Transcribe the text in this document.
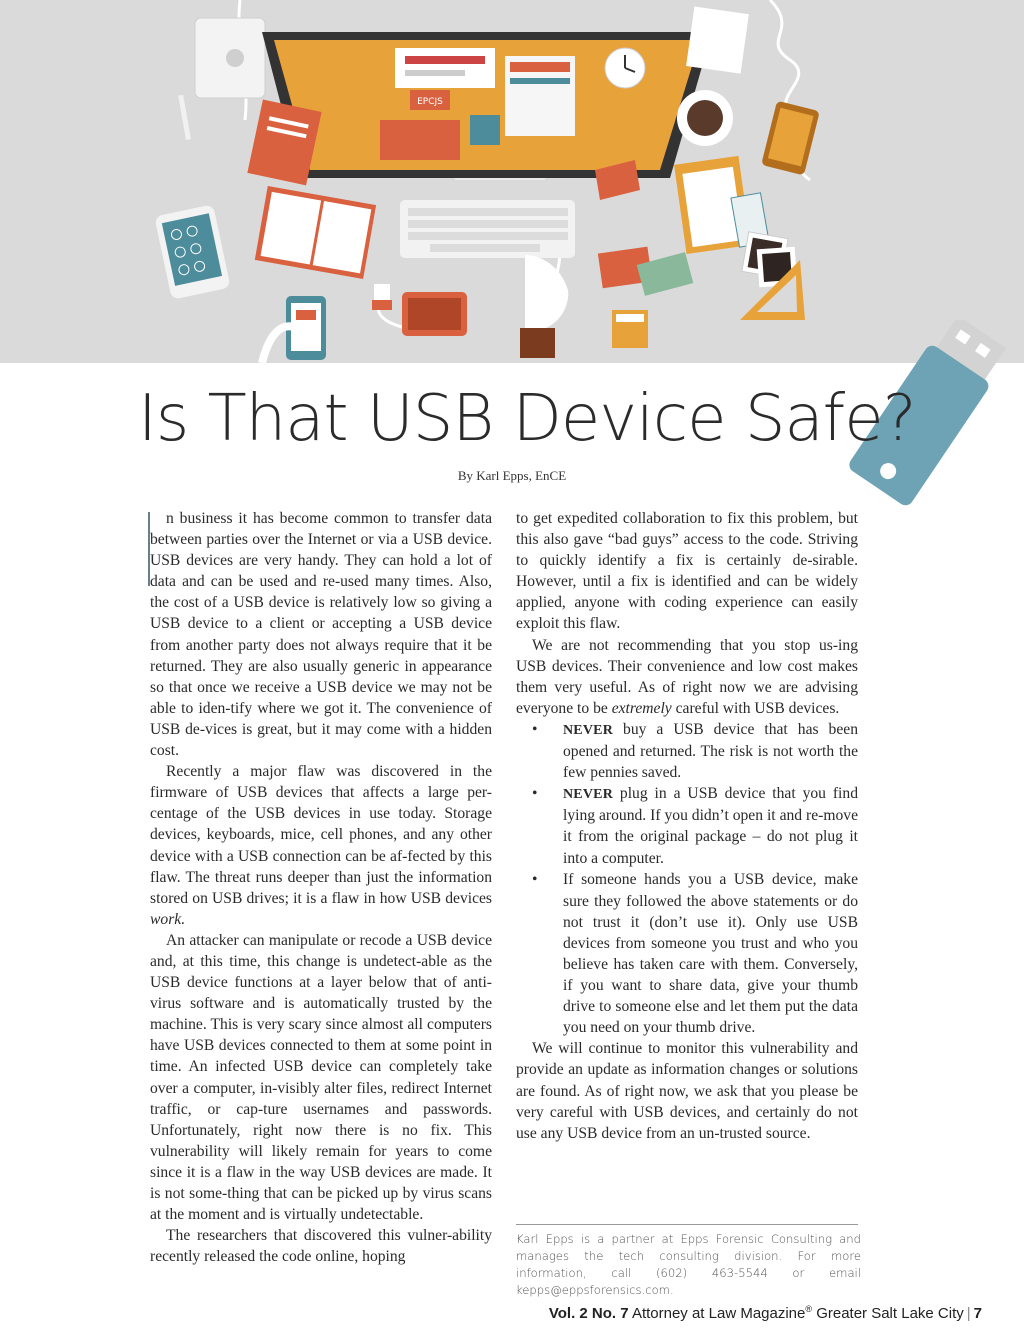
EPCJS
Is That USB Device Safe?
By Karl Epps, EnCE

n business it has become common to transfer data between parties over the Internet or via a USB device. USB devices are very handy. They can hold a lot of data and can be used and re-used many times. Also, the cost of a USB device is relatively low so giving a USB device to a client or accepting a USB device from another party does not always require that it be returned. They are also usually generic in appearance so that once we receive a USB device we may not be able to iden-tify where we got it. The convenience of USB de-vices is great, but it may come with a hidden cost.

Recently a major flaw was discovered in the firmware of USB devices that affects a large per-centage of the USB devices in use today. Storage devices, keyboards, mice, cell phones, and any other device with a USB connection can be af-fected by this flaw. The threat runs deeper than just the information stored on USB drives; it is a flaw in how USB devices work.

An attacker can manipulate or recode a USB device and, at this time, this change is undetect-able as the USB device functions at a layer below that of anti-virus software and is automatically trusted by the machine. This is very scary since almost all computers have USB devices connected to them at some point in time. An infected USB device can completely take over a computer, in-visibly alter files, redirect Internet traffic, or cap-ture usernames and passwords. Unfortunately, right now there is no fix. This vulnerability will likely remain for years to come since it is a flaw in the way USB devices are made. It is not some-thing that can be picked up by virus scans at the moment and is virtually undetectable.

The researchers that discovered this vulner-ability recently released the code online, hoping

to get expedited collaboration to fix this problem, but this also gave “bad guys” access to the code. Striving to quickly identify a fix is certainly de-sirable. However, until a fix is identified and can be widely applied, anyone with coding experience can easily exploit this flaw.

We are not recommending that you stop us-ing USB devices. Their convenience and low cost makes them very useful. As of right now we are advising everyone to be extremely careful with USB devices.

• NEVER buy a USB device that has been opened and returned. The risk is not worth the few pennies saved.
• NEVER plug in a USB device that you find lying around. If you didn’t open it and re-move it from the original package – do not plug it into a computer.
• If someone hands you a USB device, make sure they followed the above statements or do not trust it (don’t use it). Only use USB devices from someone you trust and who you believe has taken care with them. Conversely, if you want to share data, give your thumb drive to someone else and let them put the data you need on your thumb drive.

We will continue to monitor this vulnerability and provide an update as information changes or solutions are found. As of right now, we ask that you please be very careful with USB devices, and certainly do not use any USB device from an un-trusted source.

Karl Epps is a partner at Epps Forensic Consulting and manages the tech consulting division. For more information, call (602) 463-5544 or email kepps@eppsforensics.com.
Vol. 2 No. 7 Attorney at Law Magazine® Greater Salt Lake City | 7
